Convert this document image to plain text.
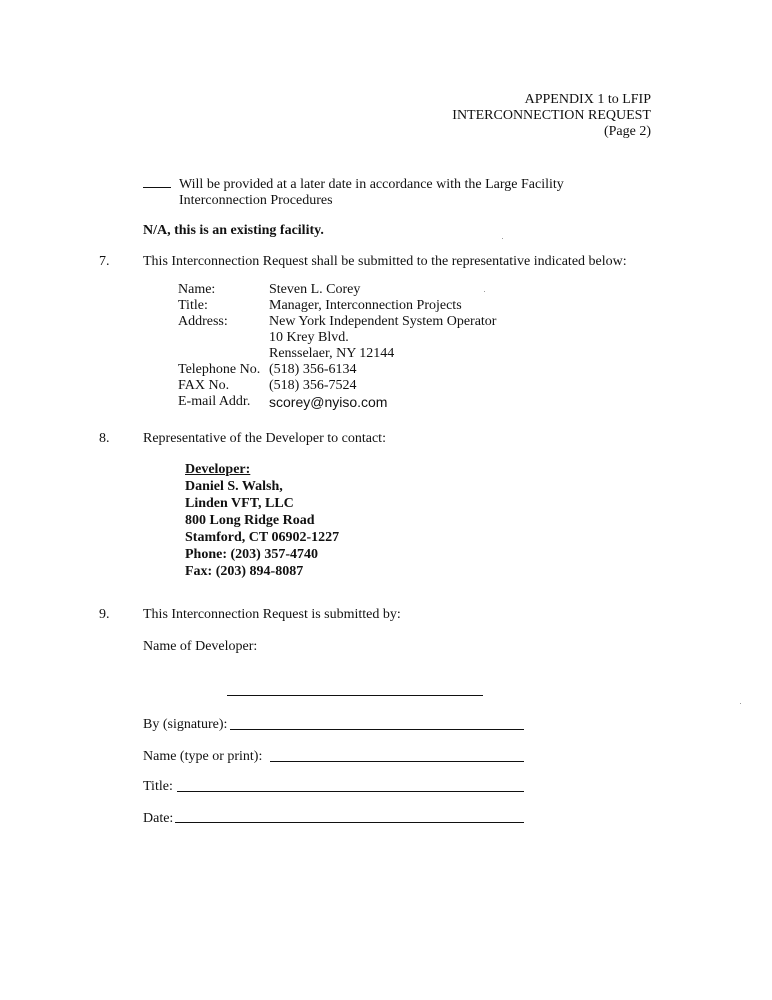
APPENDIX 1 to LFIP
INTERCONNECTION REQUEST
(Page 2)
Will be provided at a later date in accordance with the Large Facility
Interconnection Procedures
N/A, this is an existing facility.
7. This Interconnection Request shall be submitted to the representative indicated below:
Name:	Steven L. Corey
Title:	Manager, Interconnection Projects
Address:	New York Independent System Operator
10 Krey Blvd.
Rensselaer, NY 12144
Telephone No. (518) 356-6134
FAX No.	(518) 356-7524
E-mail Addr.	scorey@nyiso.com
8. Representative of the Developer to contact:
Developer:
Daniel S. Walsh,
Linden VFT, LLC
800 Long Ridge Road
Stamford, CT 06902-1227
Phone: (203) 357-4740
Fax: (203) 894-8087
9. This Interconnection Request is submitted by:
Name of Developer:
By (signature):
Name (type or print):
Title:
Date:
